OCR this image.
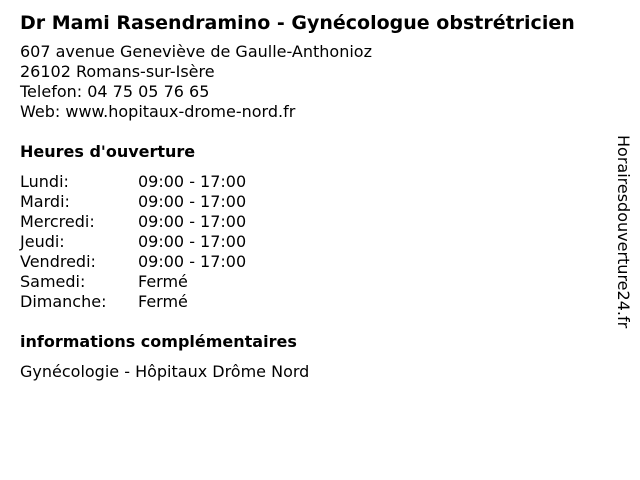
Dr Mami Rasendramino - Gynécologue obstrétricien
607 avenue Geneviève de Gaulle-Anthonioz
26102 Romans-sur-Isère
Telefon: 04 75 05 76 65
Web: www.hopitaux-drome-nord.fr
Heures d'ouverture
Lundi:	09:00 - 17:00
Mardi:	09:00 - 17:00
Mercredi:	09:00 - 17:00
Jeudi:	09:00 - 17:00
Vendredi:	09:00 - 17:00
Samedi:	Fermé
Dimanche:	Fermé
informations complémentaires
Gynécologie - Hôpitaux Drôme Nord
Horairesdouverture24.fr
